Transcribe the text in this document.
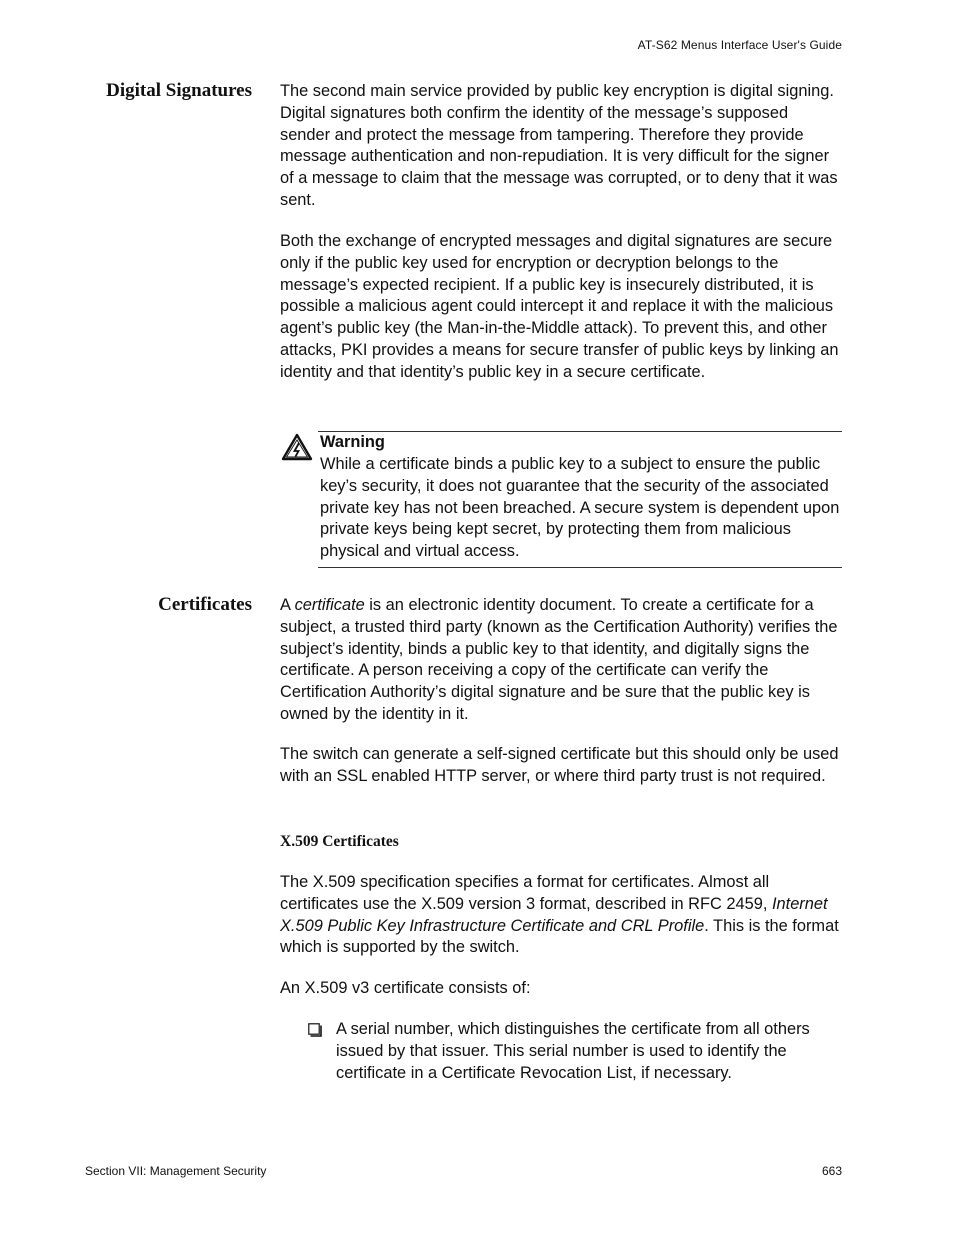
AT-S62 Menus Interface User's Guide
Digital Signatures The second main service provided by public key encryption is digital signing. Digital signatures both confirm the identity of the message’s supposed sender and protect the message from tampering. Therefore they provide message authentication and non-repudiation. It is very difficult for the signer of a message to claim that the message was corrupted, or to deny that it was sent.

Both the exchange of encrypted messages and digital signatures are secure only if the public key used for encryption or decryption belongs to the message’s expected recipient. If a public key is insecurely distributed, it is possible a malicious agent could intercept it and replace it with the malicious agent’s public key (the Man-in-the-Middle attack). To prevent this, and other attacks, PKI provides a means for secure transfer of public keys by linking an identity and that identity’s public key in a secure certificate.

Warning

While a certificate binds a public key to a subject to ensure the public key’s security, it does not guarantee that the security of the associated private key has not been breached. A secure system is dependent upon private keys being kept secret, by protecting them from malicious physical and virtual access.

Certificates A certificate is an electronic identity document. To create a certificate for a subject, a trusted third party (known as the Certification Authority) verifies the subject’s identity, binds a public key to that identity, and digitally signs the certificate. A person receiving a copy of the certificate can verify the Certification Authority’s digital signature and be sure that the public key is owned by the identity in it.

The switch can generate a self-signed certificate but this should only be used with an SSL enabled HTTP server, or where third party trust is not required.

X.509 Certificates

The X.509 specification specifies a format for certificates. Almost all certificates use the X.509 version 3 format, described in RFC 2459, Internet X.509 Public Key Infrastructure Certificate and CRL Profile. This is the format which is supported by the switch.

An X.509 v3 certificate consists of:

A serial number, which distinguishes the certificate from all others issued by that issuer. This serial number is used to identify the certificate in a Certificate Revocation List, if necessary.

Section VII: Management Security	663
